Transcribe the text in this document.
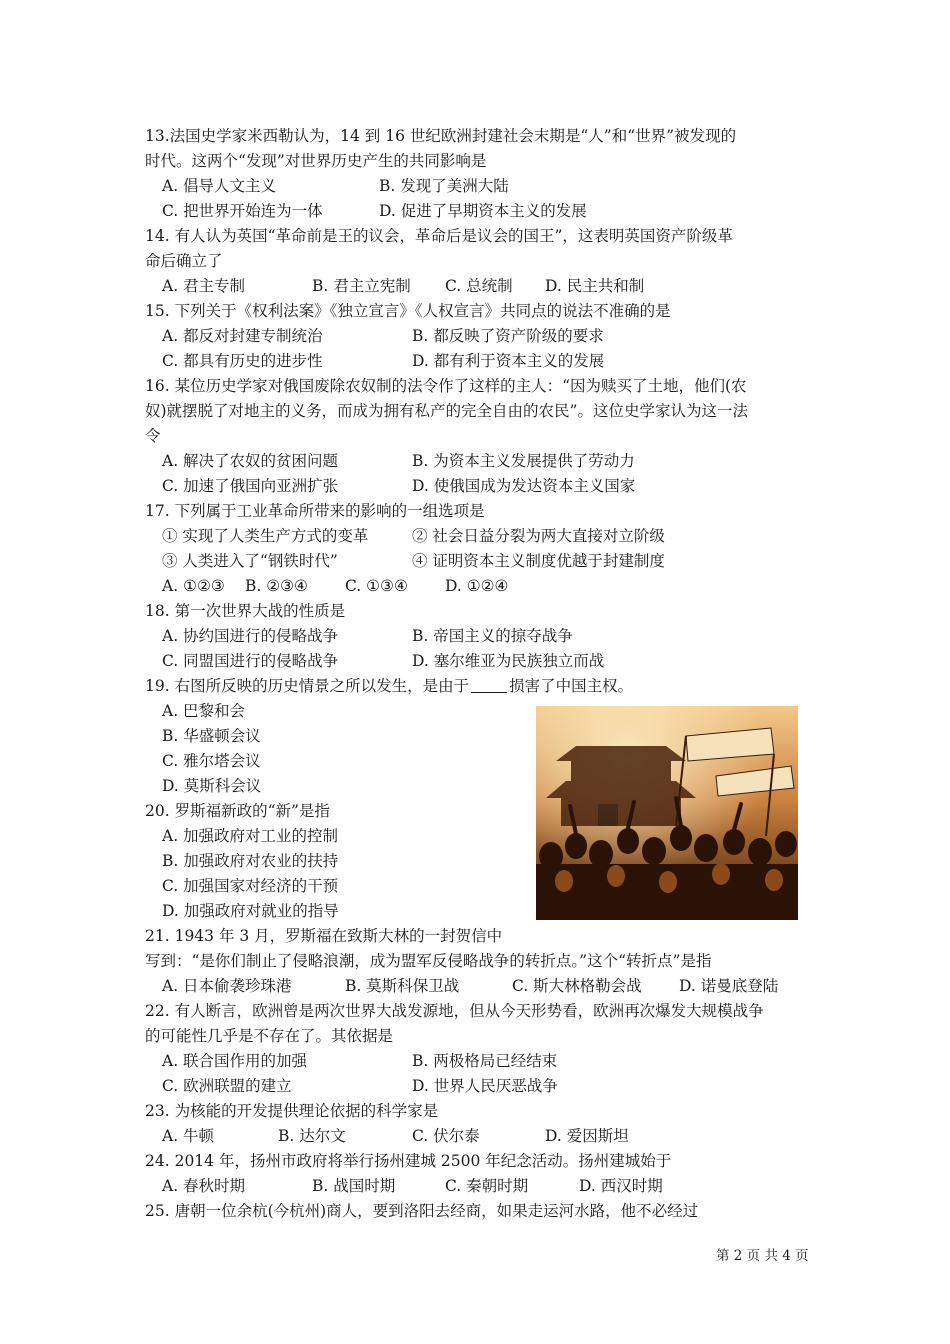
13.法国史学家米西勒认为，14 到 16 世纪欧洲封建社会末期是“人”和“世界”被发现的
时代。这两个“发现”对世界历史产生的共同影响是
A. 倡导人文主义	B. 发现了美洲大陆
C. 把世界开始连为一体	D. 促进了早期资本主义的发展
14. 有人认为英国“革命前是王的议会，革命后是议会的国王”，这表明英国资产阶级革
命后确立了
A. 君主专制	B. 君主立宪制 C. 总统制 D. 民主共和制
15. 下列关于《权利法案》《独立宣言》《人权宣言》共同点的说法不准确的是
A. 都反对封建专制统治	B. 都反映了资产阶级的要求
C. 都具有历史的进步性	D. 都有利于资本主义的发展
16. 某位历史学家对俄国废除农奴制的法令作了这样的主人：“因为赎买了土地，他们(农
奴)就摆脱了对地主的义务，而成为拥有私产的完全自由的农民”。这位史学家认为这一法
令
A. 解决了农奴的贫困问题	B. 为资本主义发展提供了劳动力
C. 加速了俄国向亚洲扩张	D. 使俄国成为发达资本主义国家
17. 下列属于工业革命所带来的影响的一组选项是
① 实现了人类生产方式的变革	② 社会日益分裂为两大直接对立阶级
③ 人类进入了“钢铁时代”	④ 证明资本主义制度优越于封建制度
A. ①②③ B. ②③④ C. ①③④ D. ①②④
18. 第一次世界大战的性质是
A. 协约国进行的侵略战争	B. 帝国主义的掠夺战争
C. 同盟国进行的侵略战争	D. 塞尔维亚为民族独立而战
19. 右图所反映的历史情景之所以发生，是由于	损害了中国主权。
A. 巴黎和会
B. 华盛顿会议
C. 雅尔塔会议
D. 莫斯科会议
20. 罗斯福新政的“新”是指
A. 加强政府对工业的控制
B. 加强政府对农业的扶持
C. 加强国家对经济的干预
D. 加强政府对就业的指导
21. 1943 年 3 月，罗斯福在致斯大林的一封贺信中
写到：“是你们制止了侵略浪潮，成为盟军反侵略战争的转折点。”这个“转折点”是指
A. 日本偷袭珍珠港	B. 莫斯科保卫战	C. 斯大林格勒会战 D. 诺曼底登陆
22. 有人断言，欧洲曾是两次世界大战发源地，但从今天形势看，欧洲再次爆发大规模战争
的可能性几乎是不存在了。其依据是
A. 联合国作用的加强	B. 两极格局已经结束
C. 欧洲联盟的建立	D. 世界人民厌恶战争
23. 为核能的开发提供理论依据的科学家是
A. 牛顿	B. 达尔文	C. 伏尔泰	D. 爱因斯坦
24. 2014 年，扬州市政府将举行扬州建城 2500 年纪念活动。扬州建城始于
A. 春秋时期	B. 战国时期	C. 秦朝时期	D. 西汉时期
25. 唐朝一位余杭(今杭州)商人，要到洛阳去经商，如果走运河水路，他不必经过
第 2 页 共 4 页
